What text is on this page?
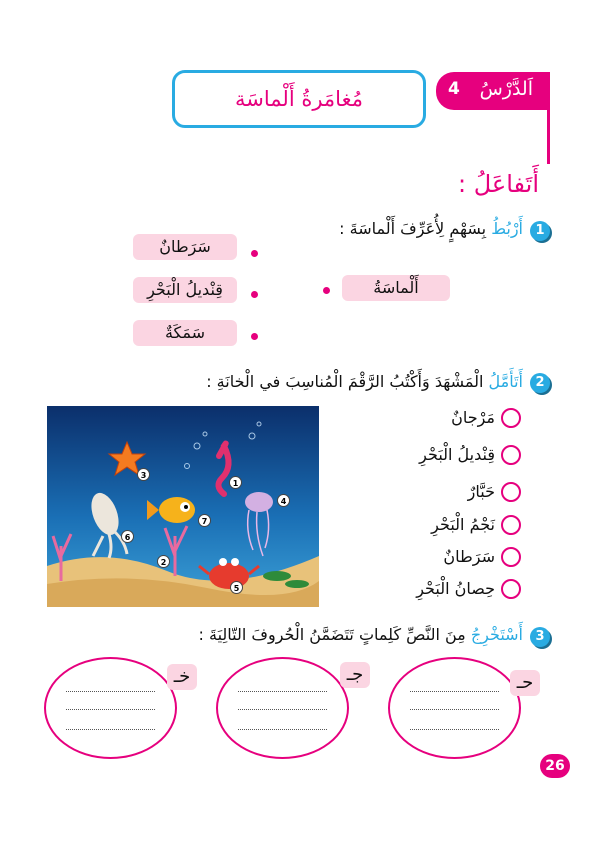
اَلدَّرْسُ
4
مُغامَرةُ أَلْماسَة
أَتَفاعَلُ :
1
أَرْبُطُ بِسَهْمٍ لِأُعَرِّفَ أَلْماسَةَ :
سَرَطانٌ
قِنْديلُ الْبَحْرِ
سَمَكَةٌ
أَلْماسَةُ
2
أَتَأَمَّلُ الْمَشْهَدَ وَأَكْتُبُ الرَّقْمَ الْمُناسِبَ في الْخانَةِ :
1
2
3
4
5
6
7
مَرْجانٌ
قِنْديلُ الْبَحْرِ
حَبَّارٌ
نَجْمُ الْبَحْرِ
سَرَطانٌ
حِصانُ الْبَحْرِ
3
أَسْتَخْرِجُ مِنَ النَّصِّ كَلِماتٍ تَتَضَمَّنُ الْحُروفَ التّالِيَةَ :
حـ
جـ
خـ
26
